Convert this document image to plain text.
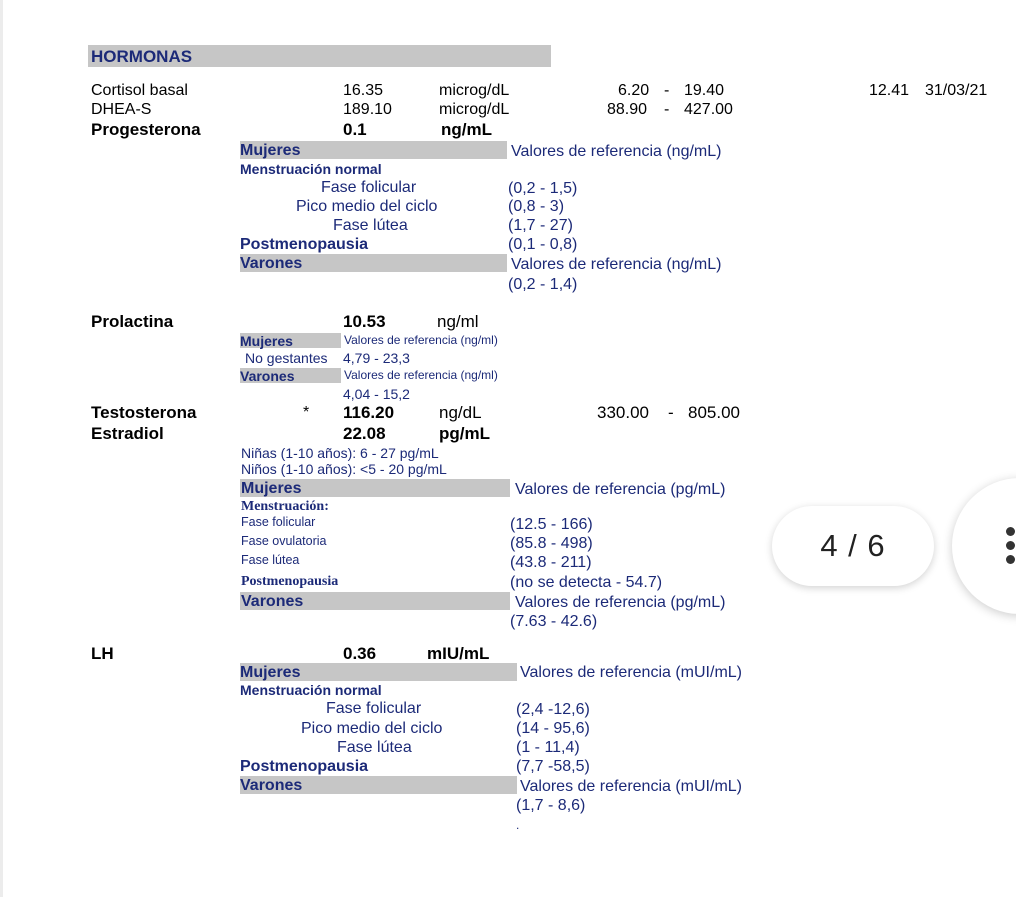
HORMONAS
Cortisol basal	16.35	microg/dL	6.20 - 19.40	12.41 31/03/21
DHEA-S	189.10	microg/dL	88.90 - 427.00
Progesterona	0.1	ng/mL
Mujeres	Valores de referencia (ng/mL)
Menstruación normal
Fase folicular	(0,2 - 1,5)
Pico medio del ciclo	(0,8 - 3)
Fase lútea	(1,7 - 27)
Postmenopausia	(0,1 - 0,8)
Varones	Valores de referencia (ng/mL)
(0,2 - 1,4)
Prolactina	10.53	ng/ml
Mujeres	Valores de referencia (ng/ml)
No gestantes 4,79 - 23,3
Varones	Valores de referencia (ng/ml)
4,04 - 15,2
Testosterona	* 116.20	ng/dL	330.00 - 805.00
Estradiol	22.08	pg/mL
Niñas (1-10 años): 6 - 27 pg/mL
Niños (1-10 años): <5 - 20 pg/mL
Mujeres	Valores de referencia (pg/mL)
Menstruación:
Fase folicular	(12.5 - 166)
Fase ovulatoria	(85.8 - 498)
Fase lútea	(43.8 - 211)
Postmenopausia	(no se detecta - 54.7)
Varones	Valores de referencia (pg/mL)
(7.63 - 42.6)
LH	0.36	mIU/mL
Mujeres	Valores de referencia (mUI/mL)
Menstruación normal
Fase folicular	(2,4 -12,6)
Pico medio del ciclo	(14 - 95,6)
Fase lútea	(1 - 11,4)
Postmenopausia	(7,7 -58,5)
Varones	Valores de referencia (mUI/mL)
(1,7 - 8,6)
.
4 / 6
